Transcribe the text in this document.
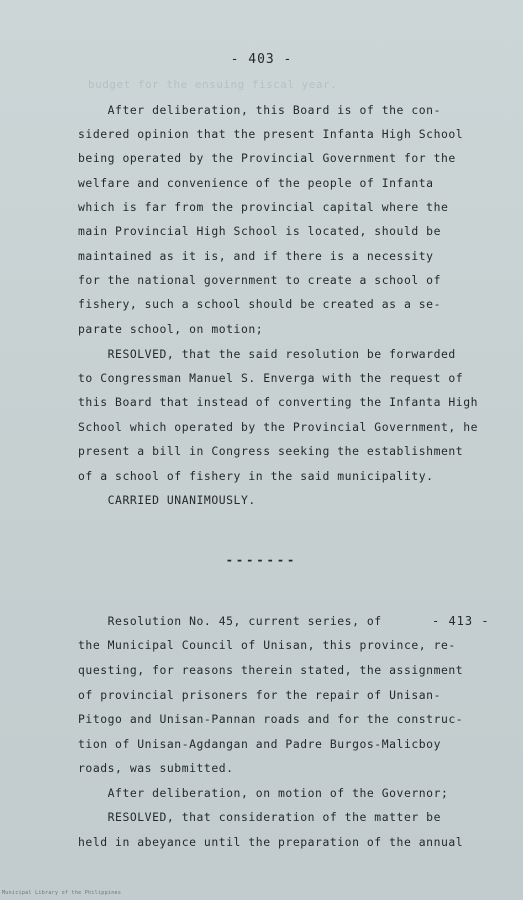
budget for the ensuing fiscal year.
- 403 -
After deliberation, this Board is of the con-
sidered opinion that the present Infanta High School
being operated by the Provincial Government for the
welfare and convenience of the people of Infanta
which is far from the provincial capital where the
main Provincial High School is located, should be
maintained as it is, and if there is a necessity
for the national government to create a school of
fishery, such a school should be created as a se-
parate school, on motion;
RESOLVED, that the said resolution be forwarded
to Congressman Manuel S. Enverga with the request of
this Board that instead of converting the Infanta High
School which operated by the Provincial Government, he
present a bill in Congress seeking the establishment
of a school of fishery in the said municipality.
CARRIED UNANIMOUSLY.
-------
- 413 -
Resolution No. 45, current series, of
the Municipal Council of Unisan, this province, re-
questing, for reasons therein stated, the assignment
of provincial prisoners for the repair of Unisan-
Pitogo and Unisan-Pannan roads and for the construc-
tion of Unisan-Agdangan and Padre Burgos-Malicboy
roads, was submitted.
After deliberation, on motion of the Governor;
RESOLVED, that consideration of the matter be
held in abeyance until the preparation of the annual
Municipal Library of the Philippines
